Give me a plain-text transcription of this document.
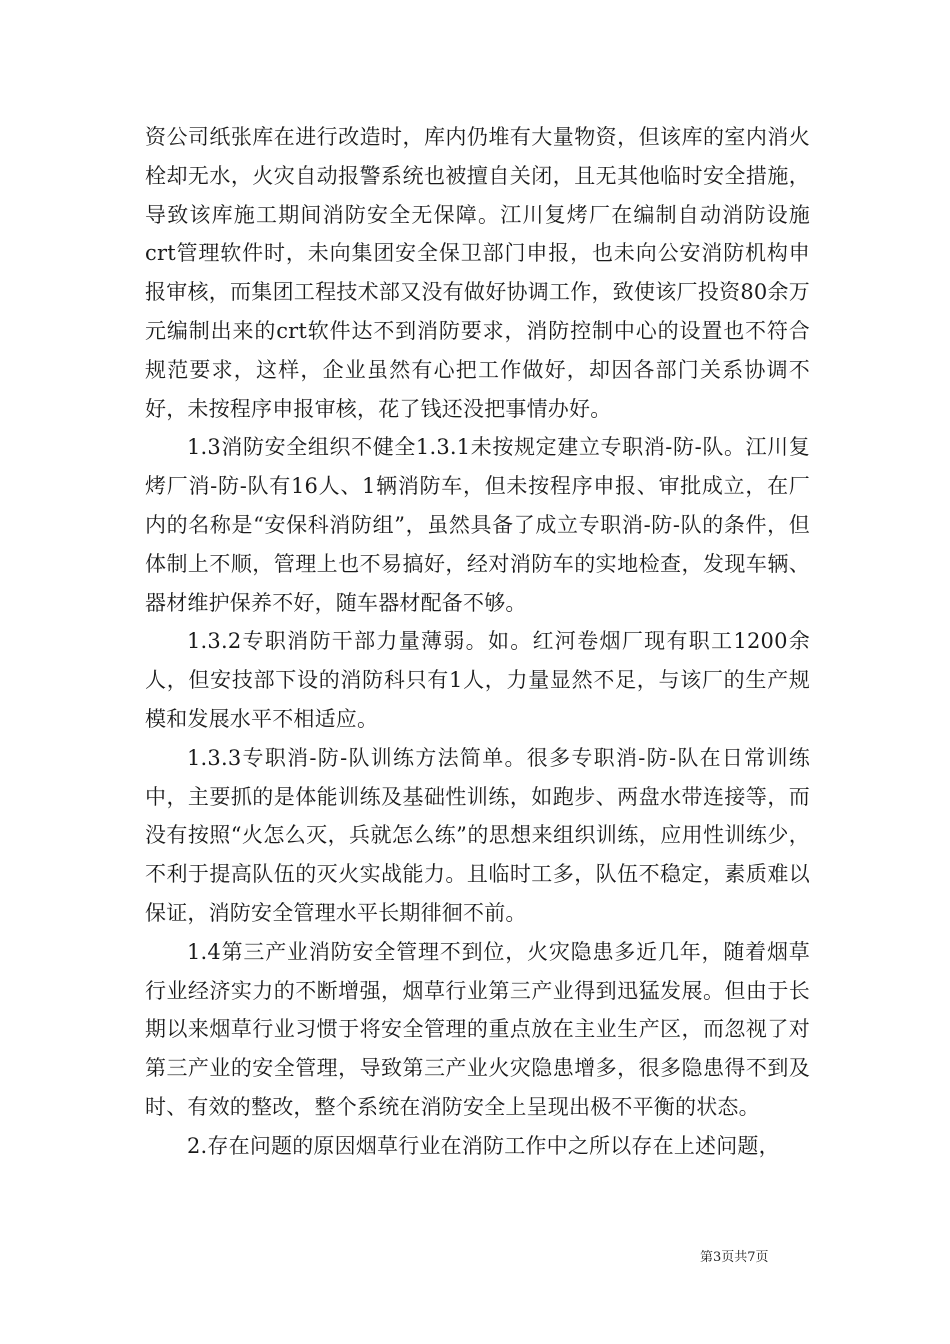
资公司纸张库在进行改造时，库内仍堆有大量物资，但该库的室内消火栓却无水，火灾自动报警系统也被擅自关闭，且无其他临时安全措施，导致该库施工期间消防安全无保障。江川复烤厂在编制自动消防设施crt管理软件时，未向集团安全保卫部门申报，也未向公安消防机构申报审核，而集团工程技术部又没有做好协调工作，致使该厂投资80余万元编制出来的crt软件达不到消防要求，消防控制中心的设置也不符合规范要求，这样，企业虽然有心把工作做好，却因各部门关系协调不好，未按程序申报审核，花了钱还没把事情办好。

1.3消防安全组织不健全1.3.1未按规定建立专职消-防-队。江川复烤厂消-防-队有16人、1辆消防车，但未按程序申报、审批成立，在厂内的名称是“安保科消防组”，虽然具备了成立专职消-防-队的条件，但体制上不顺，管理上也不易搞好，经对消防车的实地检查，发现车辆、器材维护保养不好，随车器材配备不够。

1.3.2专职消防干部力量薄弱。如。红河卷烟厂现有职工1200余人，但安技部下设的消防科只有1人，力量显然不足，与该厂的生产规模和发展水平不相适应。

1.3.3专职消-防-队训练方法简单。很多专职消-防-队在日常训练中，主要抓的是体能训练及基础性训练，如跑步、两盘水带连接等，而没有按照“火怎么灭，兵就怎么练”的思想来组织训练，应用性训练少，不利于提高队伍的灭火实战能力。且临时工多，队伍不稳定，素质难以保证，消防安全管理水平长期徘徊不前。

1.4第三产业消防安全管理不到位，火灾隐患多近几年，随着烟草行业经济实力的不断增强，烟草行业第三产业得到迅猛发展。但由于长期以来烟草行业习惯于将安全管理的重点放在主业生产区，而忽视了对第三产业的安全管理，导致第三产业火灾隐患增多，很多隐患得不到及时、有效的整改，整个系统在消防安全上呈现出极不平衡的状态。

2.存在问题的原因烟草行业在消防工作中之所以存在上述问题，

第3页共7页
